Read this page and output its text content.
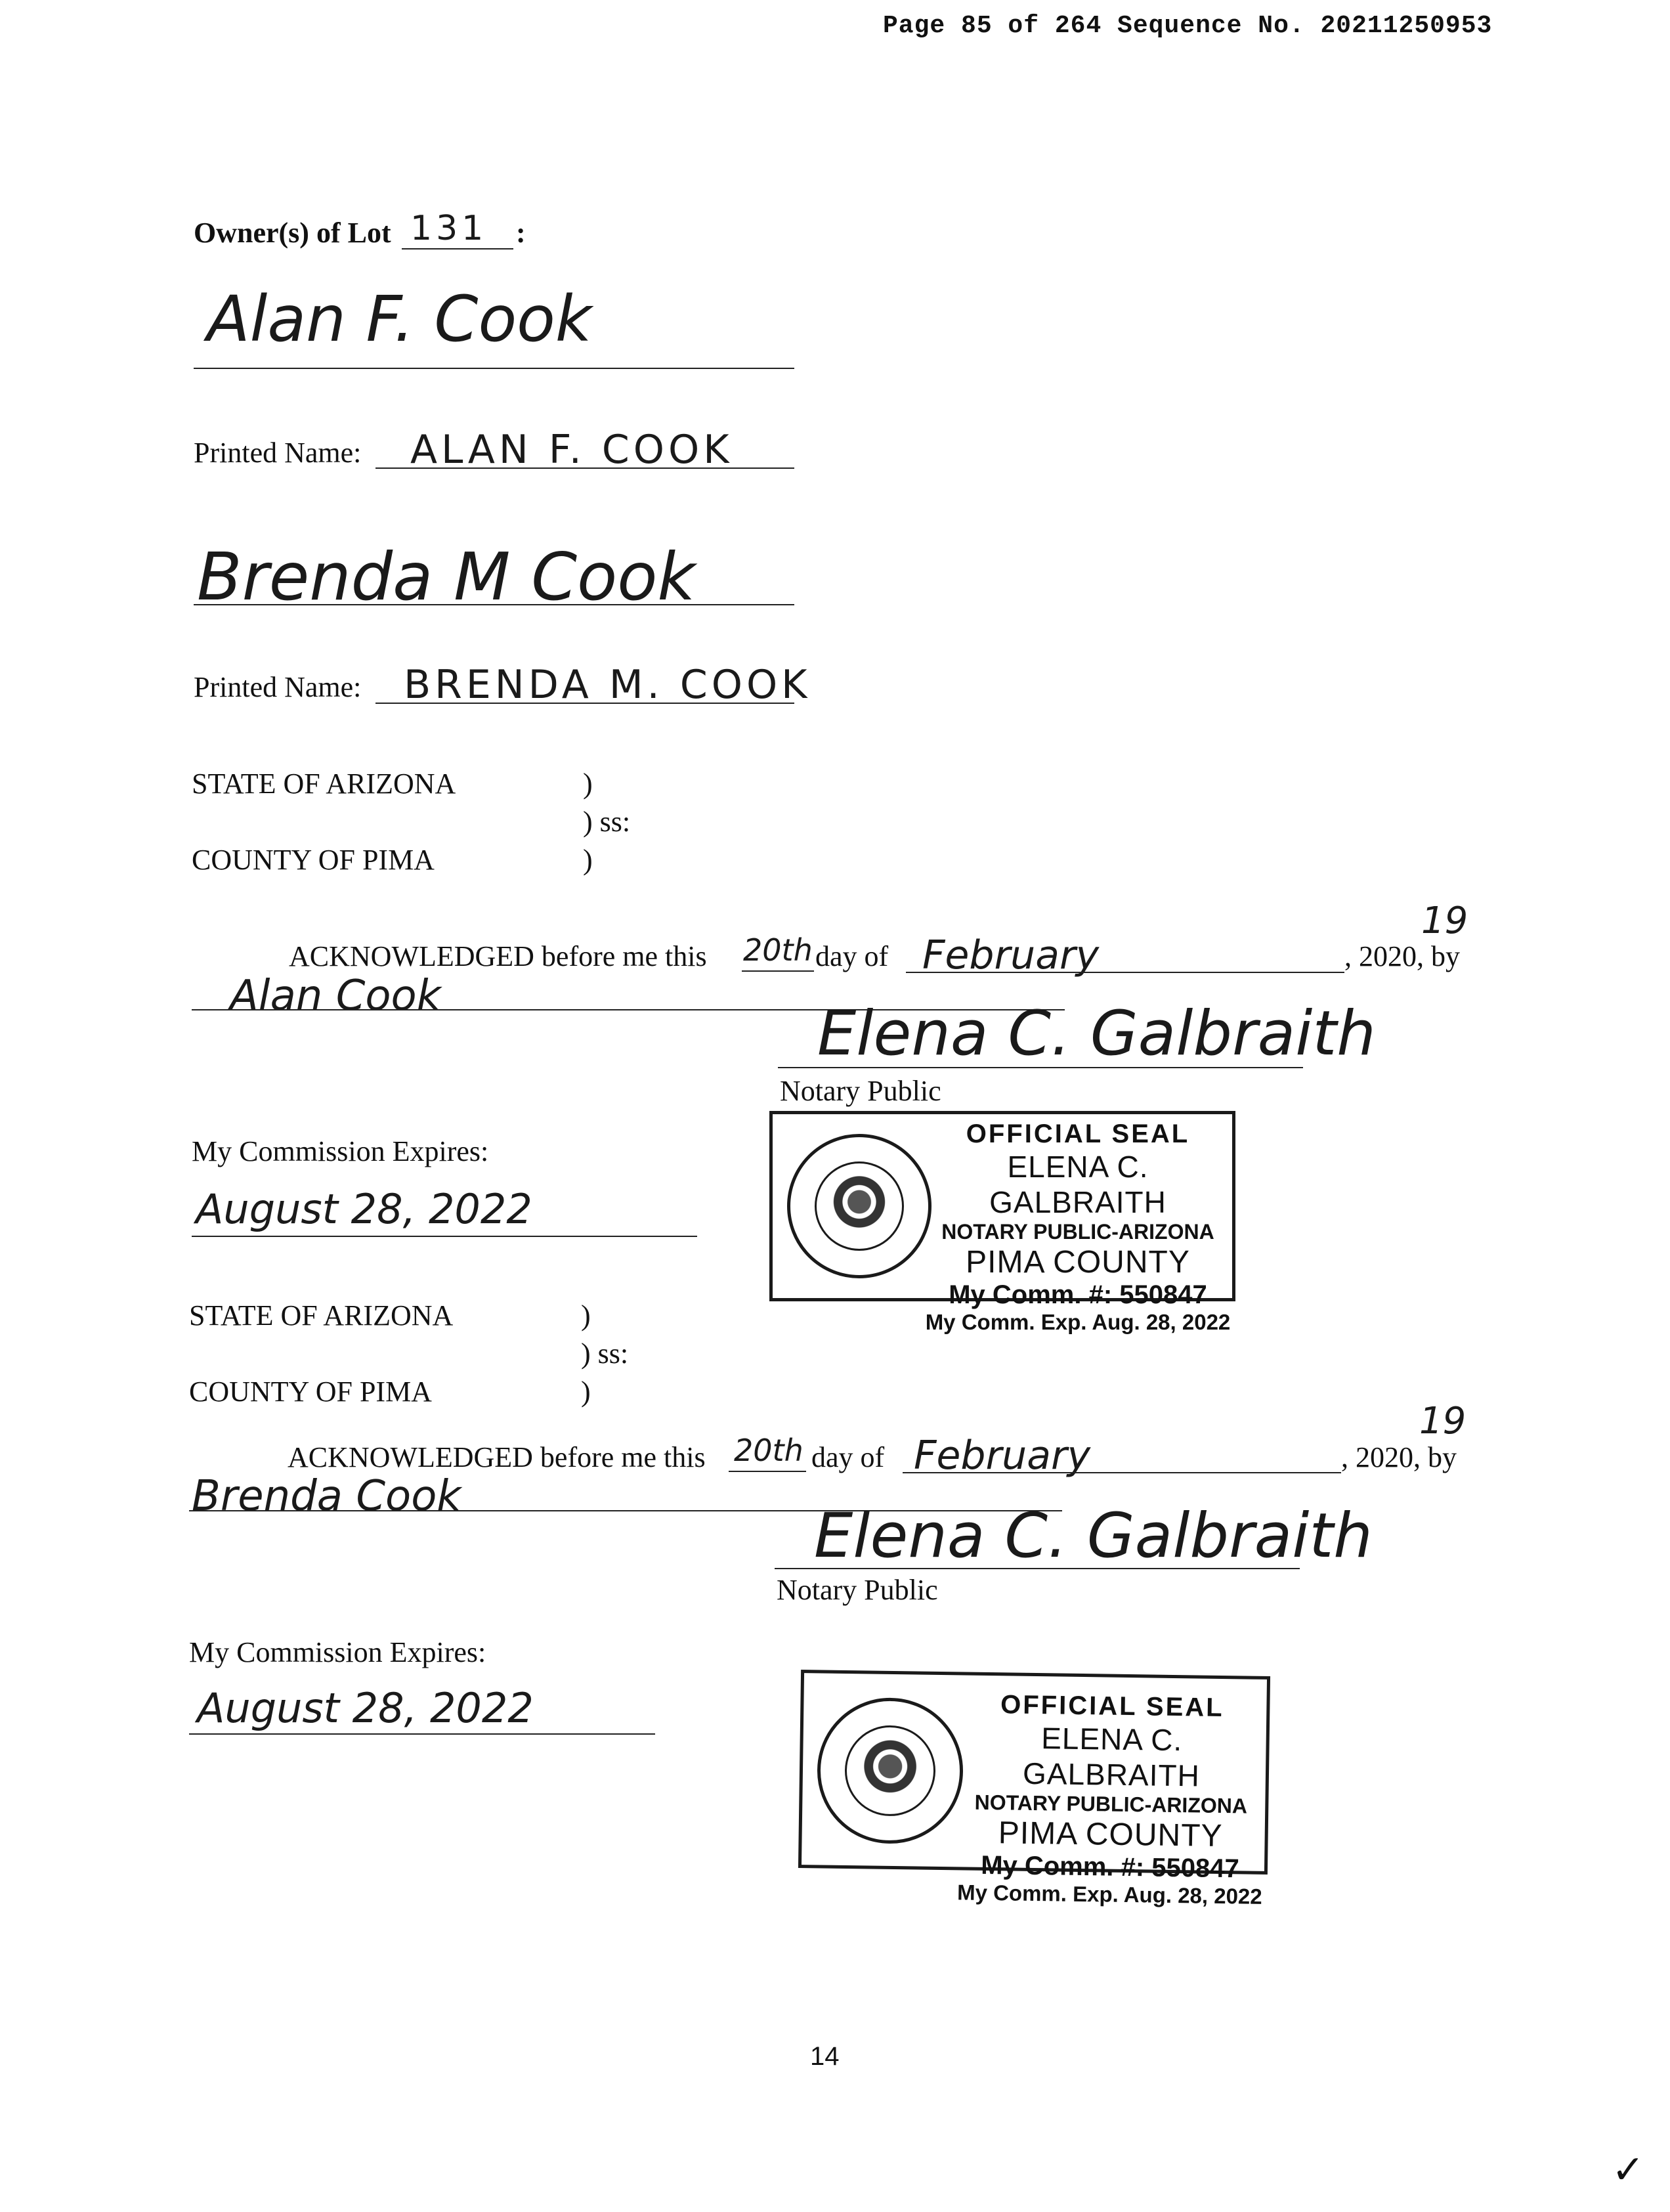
Page 85 of 264 Sequence No. 20211250953
Owner(s) of Lot 131 :
Alan F. Cook
Printed Name: ALAN F. COOK
Brenda M Cook
Printed Name: BRENDA M. COOK
STATE OF ARIZONA	)
) ss:
COUNTY OF PIMA	)
ACKNOWLEDGED before me this 20th day of February	, 2020, by
19
Alan Cook
Elena C. Galbraith
Notary Public
My Commission Expires:
August 28, 2022
OFFICIAL SEAL
ELENA C. GALBRAITH
NOTARY PUBLIC-ARIZONA
PIMA COUNTY
My Comm. #: 550847
My Comm. Exp. Aug. 28, 2022
STATE OF ARIZONA	)
) ss:
COUNTY OF PIMA	)
ACKNOWLEDGED before me this 20th day of February	, 2020, by
19
Brenda Cook
Elena C. Galbraith
Notary Public
My Commission Expires:
August 28, 2022	OFFICIAL SEAL
ELENA C. GALBRAITH
NOTARY PUBLIC-ARIZONA
PIMA COUNTY
My Comm. #: 550847
My Comm. Exp. Aug. 28, 2022
14
✓
